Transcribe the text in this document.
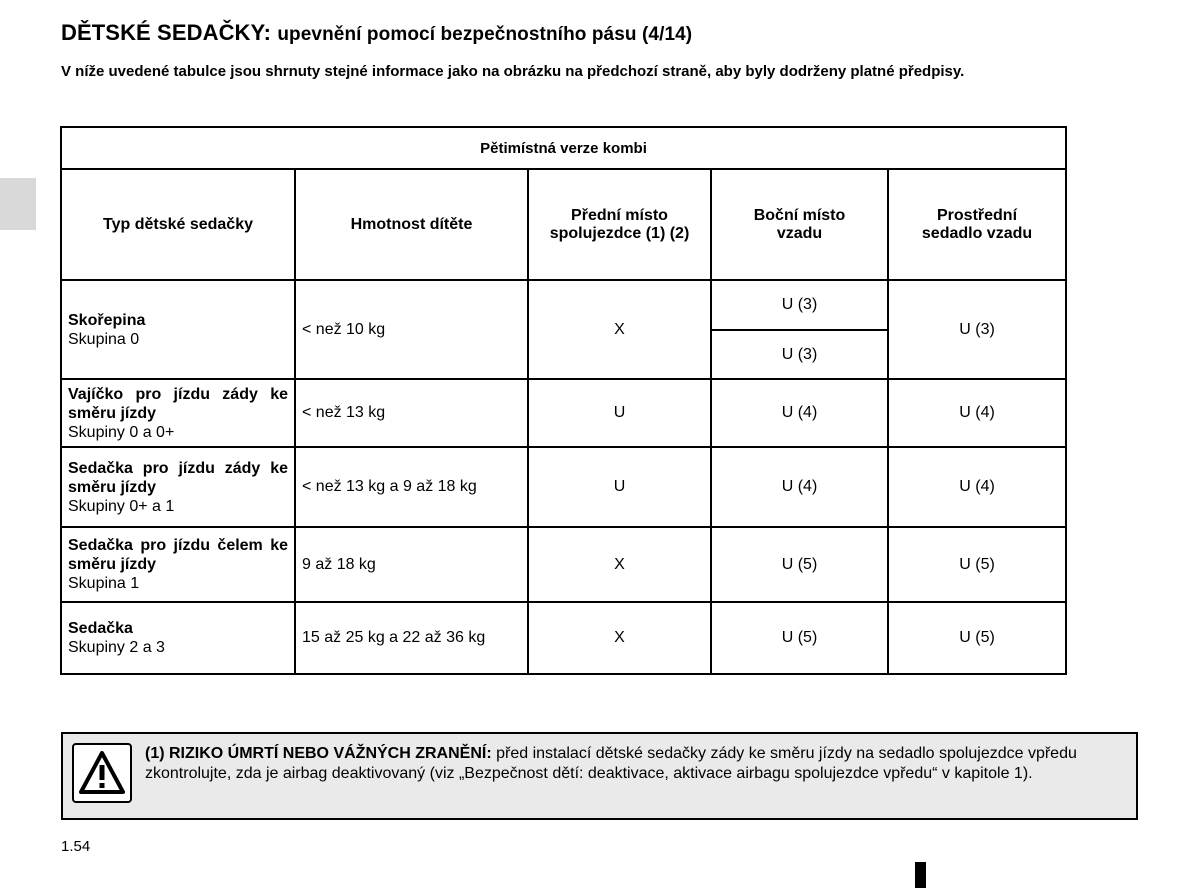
DĚTSKÉ SEDAČKY: upevnění pomocí bezpečnostního pásu (4/14)

V níže uvedené tabulce jsou shrnuty stejné informace jako na obrázku na předchozí straně, aby byly dodrženy platné předpisy.

Pětimístná verze kombi				
Typ dětské sedačky	Hmotnost dítěte	Přední místo spolujezdce (1) (2)	Boční místo vzadu	Prostřední sedadlo vzadu

Skořepina
Skupina 0	< než 10 kg	X	U (3)	U (3)
			U (3)	

Vajíčko pro jízdu zády ke směru jízdy
Skupiny 0 a 0+	< než 13 kg	U	U (4)	U (4)

Sedačka pro jízdu zády ke směru jízdy
Skupiny 0+ a 1	< než 13 kg a 9 až 18 kg	U	U (4)	U (4)

Sedačka pro jízdu čelem ke směru jízdy
Skupina 1	9 až 18 kg	X	U (5)	U (5)

Sedačka
Skupiny 2 a 3	15 až 25 kg a 22 až 36 kg	X	U (5)	U (5)

(1) RIZIKO ÚMRTÍ NEBO VÁŽNÝCH ZRANĚNÍ: před instalací dětské sedačky zády ke směru jízdy na sedadlo spolujezdce vpředu zkontrolujte, zda je airbag deaktivovaný (viz „Bezpečnost dětí: deaktivace, aktivace airbagu spolujezdce vpředu“ v kapitole 1).

1.54
